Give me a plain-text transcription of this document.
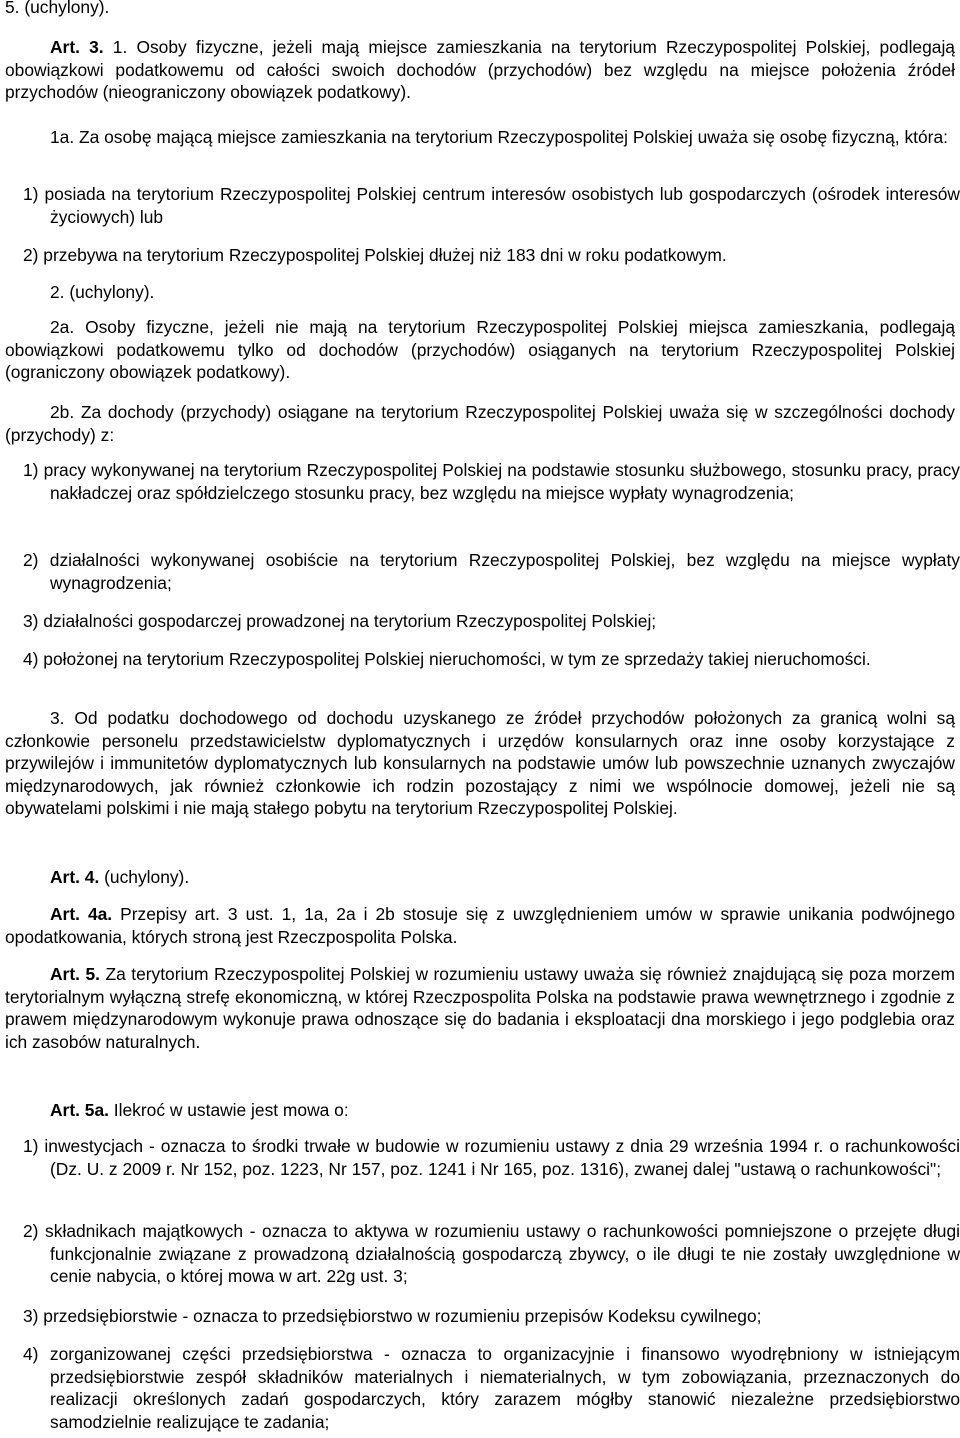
5. (uchylony).
Art. 3. 1. Osoby fizyczne, jeżeli mają miejsce zamieszkania na terytorium Rzeczypospolitej Polskiej, podlegają obowiązkowi podatkowemu od całości swoich dochodów (przychodów) bez względu na miejsce położenia źródeł przychodów (nieograniczony obowiązek podatkowy).
1a. Za osobę mającą miejsce zamieszkania na terytorium Rzeczypospolitej Polskiej uważa się osobę fizyczną, która:
1) posiada na terytorium Rzeczypospolitej Polskiej centrum interesów osobistych lub gospodarczych (ośrodek interesów życiowych) lub
2) przebywa na terytorium Rzeczypospolitej Polskiej dłużej niż 183 dni w roku podatkowym.
2. (uchylony).
2a. Osoby fizyczne, jeżeli nie mają na terytorium Rzeczypospolitej Polskiej miejsca zamieszkania, podlegają obowiązkowi podatkowemu tylko od dochodów (przychodów) osiąganych na terytorium Rzeczypospolitej Polskiej (ograniczony obowiązek podatkowy).
2b. Za dochody (przychody) osiągane na terytorium Rzeczypospolitej Polskiej uważa się w szczególności dochody (przychody) z:
1) pracy wykonywanej na terytorium Rzeczypospolitej Polskiej na podstawie stosunku służbowego, stosunku pracy, pracy nakładczej oraz spółdzielczego stosunku pracy, bez względu na miejsce wypłaty wynagrodzenia;
2) działalności wykonywanej osobiście na terytorium Rzeczypospolitej Polskiej, bez względu na miejsce wypłaty wynagrodzenia;
3) działalności gospodarczej prowadzonej na terytorium Rzeczypospolitej Polskiej;
4) położonej na terytorium Rzeczypospolitej Polskiej nieruchomości, w tym ze sprzedaży takiej nieruchomości.
3. Od podatku dochodowego od dochodu uzyskanego ze źródeł przychodów położonych za granicą wolni są członkowie personelu przedstawicielstw dyplomatycznych i urzędów konsularnych oraz inne osoby korzystające z przywilejów i immunitetów dyplomatycznych lub konsularnych na podstawie umów lub powszechnie uznanych zwyczajów międzynarodowych, jak również członkowie ich rodzin pozostający z nimi we wspólnocie domowej, jeżeli nie są obywatelami polskimi i nie mają stałego pobytu na terytorium Rzeczypospolitej Polskiej.
Art. 4. (uchylony).
Art. 4a. Przepisy art. 3 ust. 1, 1a, 2a i 2b stosuje się z uwzględnieniem umów w sprawie unikania podwójnego opodatkowania, których stroną jest Rzeczpospolita Polska.
Art. 5. Za terytorium Rzeczypospolitej Polskiej w rozumieniu ustawy uważa się również znajdującą się poza morzem terytorialnym wyłączną strefę ekonomiczną, w której Rzeczpospolita Polska na podstawie prawa wewnętrznego i zgodnie z prawem międzynarodowym wykonuje prawa odnoszące się do badania i eksploatacji dna morskiego i jego podglebia oraz ich zasobów naturalnych.
Art. 5a. Ilekroć w ustawie jest mowa o:
1) inwestycjach - oznacza to środki trwałe w budowie w rozumieniu ustawy z dnia 29 września 1994 r. o rachunkowości (Dz. U. z 2009 r. Nr 152, poz. 1223, Nr 157, poz. 1241 i Nr 165, poz. 1316), zwanej dalej "ustawą o rachunkowości";
2) składnikach majątkowych - oznacza to aktywa w rozumieniu ustawy o rachunkowości pomniejszone o przejęte długi funkcjonalnie związane z prowadzoną działalnością gospodarczą zbywcy, o ile długi te nie zostały uwzględnione w cenie nabycia, o której mowa w art. 22g ust. 3;
3) przedsiębiorstwie - oznacza to przedsiębiorstwo w rozumieniu przepisów Kodeksu cywilnego;
4) zorganizowanej części przedsiębiorstwa - oznacza to organizacyjnie i finansowo wyodrębniony w istniejącym przedsiębiorstwie zespół składników materialnych i niematerialnych, w tym zobowiązania, przeznaczonych do realizacji określonych zadań gospodarczych, który zarazem mógłby stanowić niezależne przedsiębiorstwo samodzielnie realizujące te zadania;
